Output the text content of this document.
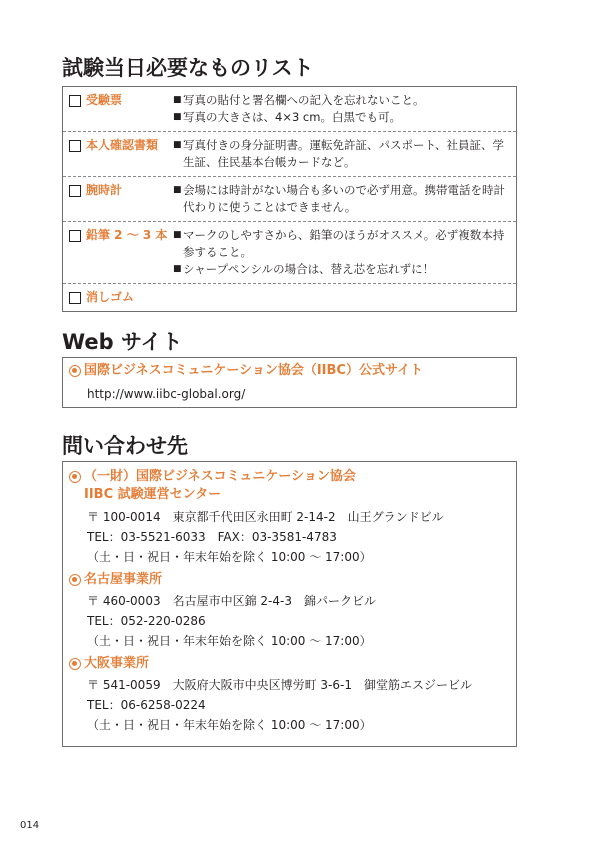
試験当日必要なものリスト
受験票	■ 写真の貼付と署名欄への記入を忘れないこと。
■ 写真の大きさは、4×3 cm。白黒でも可。
本人確認書類 ■ 写真付きの身分証明書。運転免許証、パスポート、社員証、学生証、住民基本台帳カードなど。
腕時計	■ 会場には時計がない場合も多いので必ず用意。携帯電話を時計代わりに使うことはできません。
鉛筆 2 ～ 3 本 ■ マークのしやすさから、鉛筆のほうがオススメ。必ず複数本持参すること。
■ シャープペンシルの場合は、替え芯を忘れずに！
消しゴム
Web サイト
国際ビジネスコミュニケーション協会（IIBC）公式サイト
http://www.iibc-global.org/
問い合わせ先
（一財）国際ビジネスコミュニケーション協会
IIBC 試験運営センター
〒 100-0014　東京都千代田区永田町 2-14-2　山王グランドビル
TEL：03-5521-6033　FAX：03-3581-4783
（土・日・祝日・年末年始を除く 10:00 ～ 17:00）
名古屋事業所
〒 460-0003　名古屋市中区錦 2-4-3　錦パークビル
TEL：052-220-0286
（土・日・祝日・年末年始を除く 10:00 ～ 17:00）
大阪事業所
〒 541-0059　大阪府大阪市中央区博労町 3-6-1　御堂筋エスジービル
TEL：06-6258-0224
（土・日・祝日・年末年始を除く 10:00 ～ 17:00）
014
